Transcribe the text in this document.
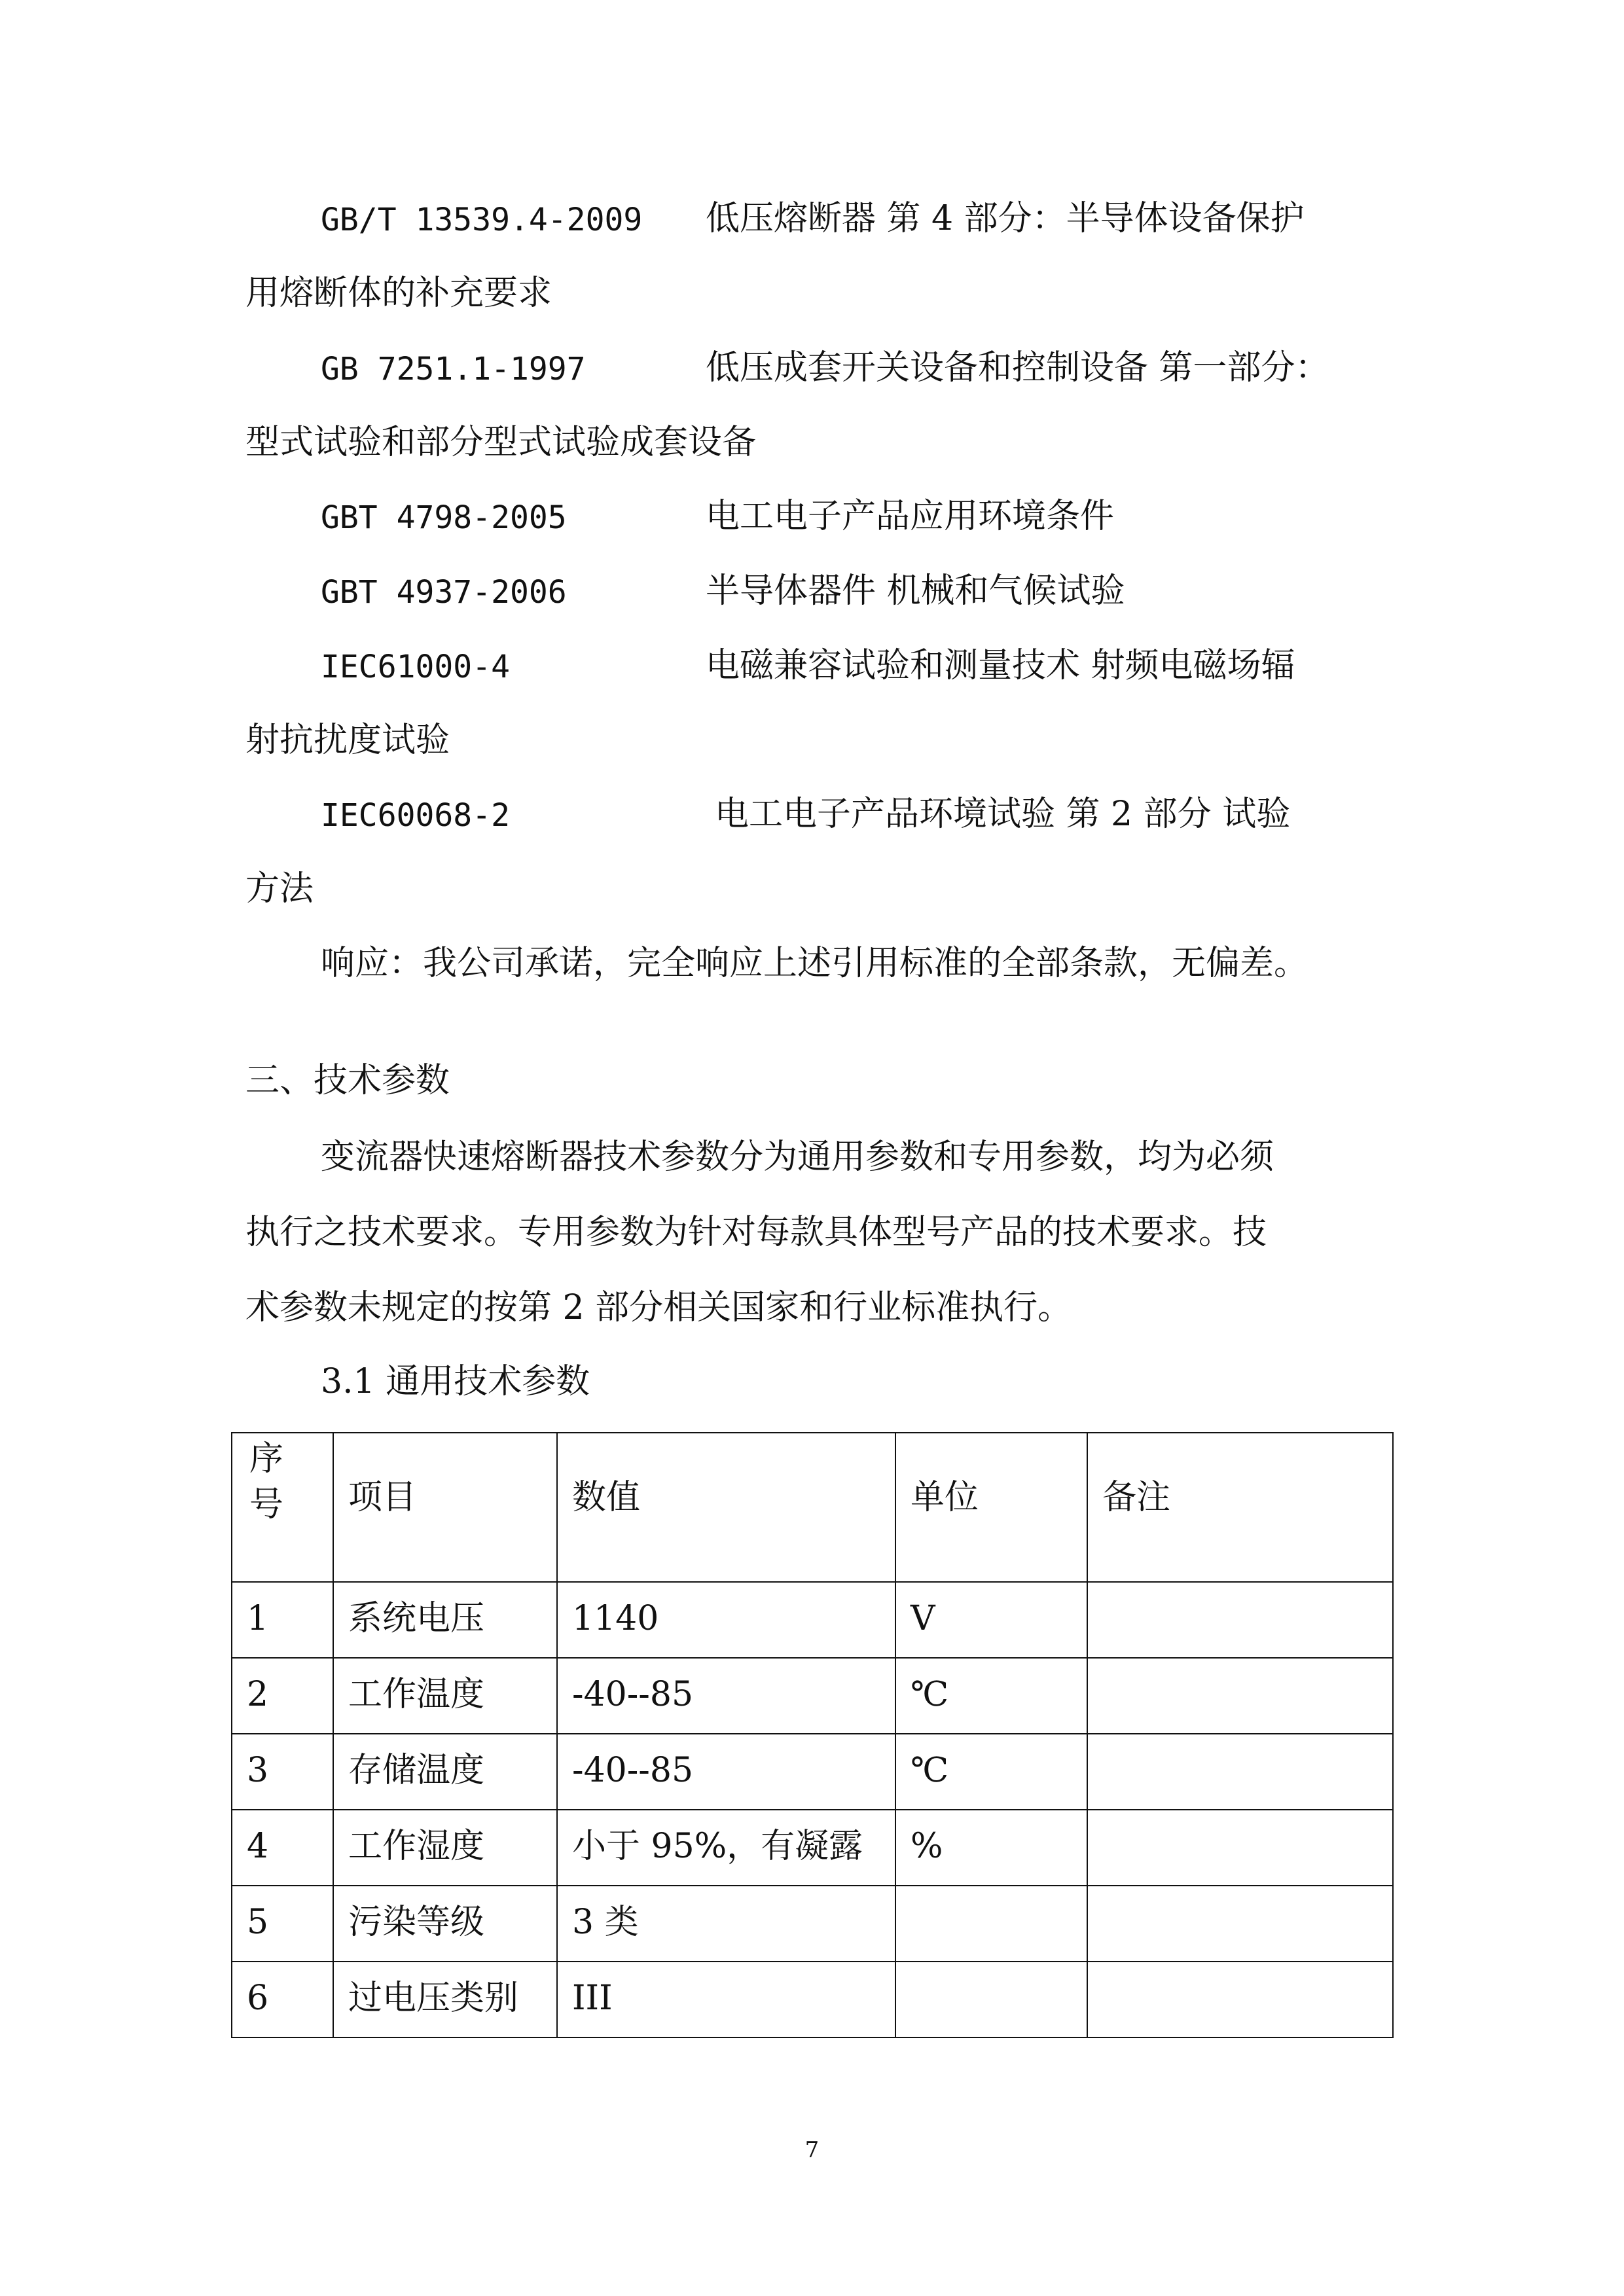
GB/T 13539.4-2009 低压熔断器 第 4 部分：半导体设备保护
用熔断体的补充要求
GB 7251.1-1997	低压成套开关设备和控制设备 第一部分：
型式试验和部分型式试验成套设备
GBT 4798-2005	电工电子产品应用环境条件
GBT 4937-2006	半导体器件 机械和气候试验
IEC61000-4	电磁兼容试验和测量技术 射频电磁场辐
射抗扰度试验
IEC60068-2	电工电子产品环境试验 第 2 部分 试验
方法
响应：我公司承诺，完全响应上述引用标准的全部条款，无偏差。
三、技术参数
变流器快速熔断器技术参数分为通用参数和专用参数，均为必须
执行之技术要求。专用参数为针对每款具体型号产品的技术要求。技
术参数未规定的按第 2 部分相关国家和行业标准执行。
3.1 通用技术参数
序
号	项目	数值	单位	备注
1	系统电压	1140	V	
2	工作温度	-40--85	℃	
3	存储温度	-40--85	℃	
4	工作湿度	小于 95%，有凝露	%	
5	污染等级	3 类		
6	过电压类别	III		
7
